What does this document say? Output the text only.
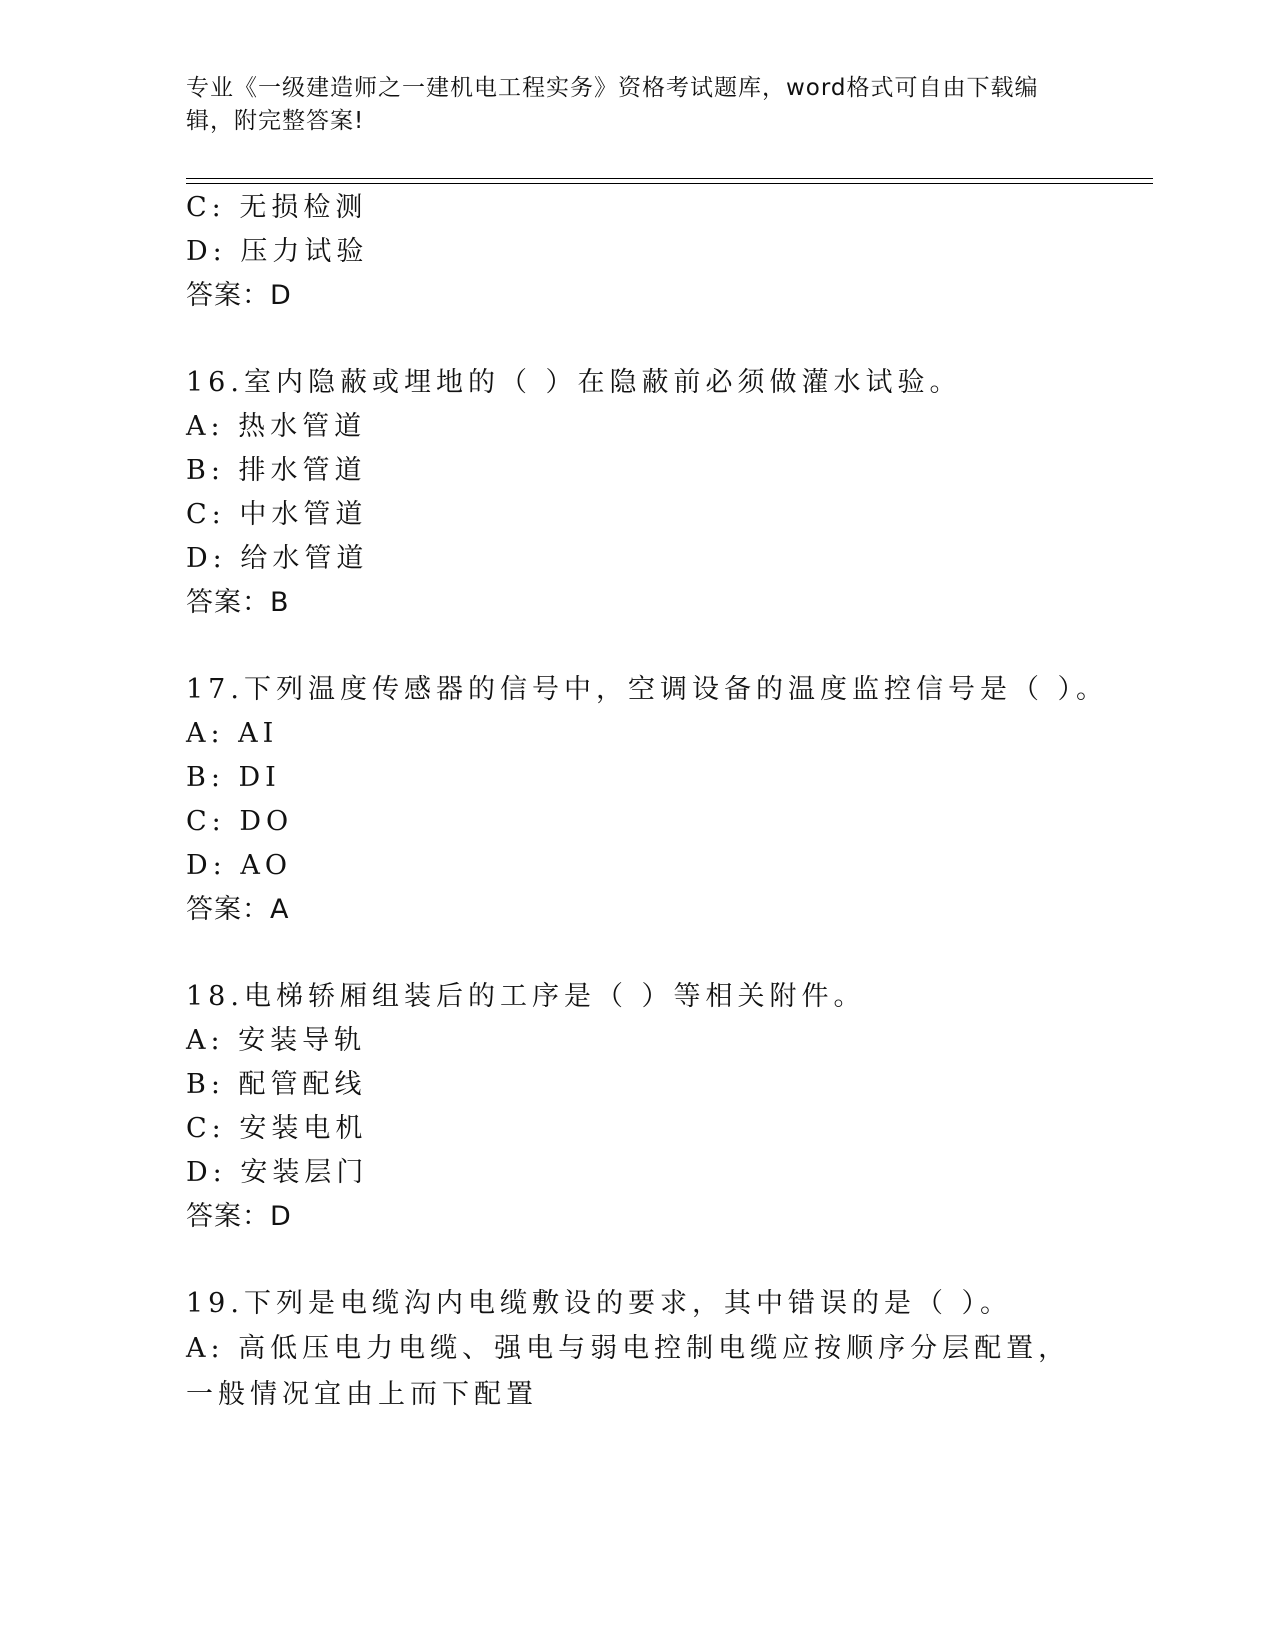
专业《一级建造师之一建机电工程实务》资格考试题库，word格式可自由下载编辑，附完整答案!
C: 无损检测
D: 压力试验
答案：D
16.室内隐蔽或埋地的（ ）在隐蔽前必须做灌水试验。
A: 热水管道
B: 排水管道
C: 中水管道
D: 给水管道
答案：B
17.下列温度传感器的信号中，空调设备的温度监控信号是（ ）。
A: AI
B: DI
C: DO
D: AO
答案：A
18.电梯轿厢组装后的工序是（ ）等相关附件。
A: 安装导轨
B: 配管配线
C: 安装电机
D: 安装层门
答案：D
19.下列是电缆沟内电缆敷设的要求，其中错误的是（ ）。
A: 高低压电力电缆、强电与弱电控制电缆应按顺序分层配置，一般情况宜由上而下配置
